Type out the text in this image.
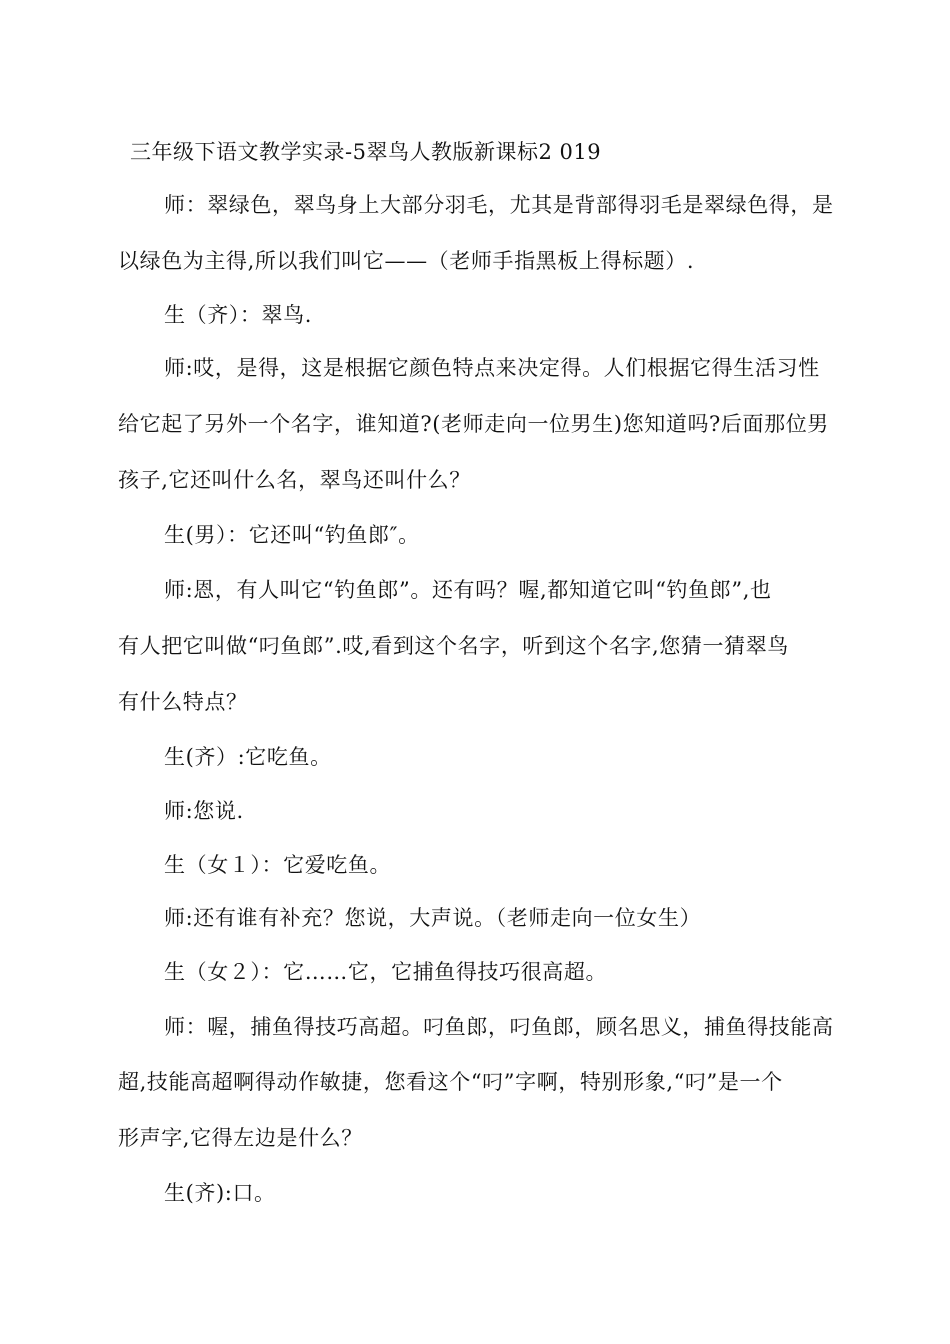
三年级下语文教学实录-5翠鸟人教版新课标2 019
师：翠绿色，翠鸟身上大部分羽毛，尤其是背部得羽毛是翠绿色得，是
以绿色为主得,所以我们叫它——（老师手指黑板上得标题）.
生（齐）：翠鸟.
师:哎，是得，这是根据它颜色特点来决定得。人们根据它得生活习性
给它起了另外一个名字，谁知道?(老师走向一位男生)您知道吗?后面那位男
孩子,它还叫什么名，翠鸟还叫什么？
生(男）：它还叫“钓鱼郎″。
师:恩，有人叫它“钓鱼郎”。还有吗？喔,都知道它叫“钓鱼郎”,也
有人把它叫做“叼鱼郎”.哎,看到这个名字，听到这个名字,您猜一猜翠鸟
有什么特点？
生(齐）:它吃鱼。
师:您说.
生（女１）：它爱吃鱼。
师:还有谁有补充？您说，大声说。（老师走向一位女生）
生（女２）：它……它，它捕鱼得技巧很高超。
师：喔，捕鱼得技巧高超。叼鱼郎，叼鱼郎，顾名思义，捕鱼得技能高
超,技能高超啊得动作敏捷，您看这个“叼”字啊，特别形象,“叼”是一个
形声字,它得左边是什么？
生(齐):口。
